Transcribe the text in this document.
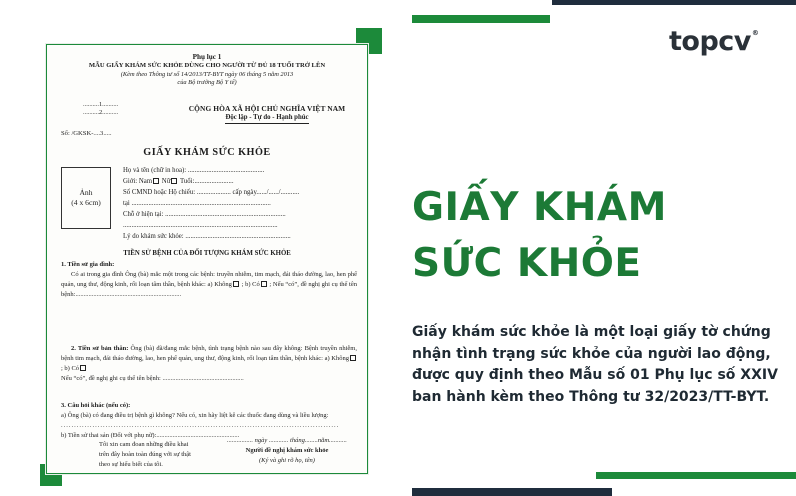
Phụ lục 1
MẪU GIẤY KHÁM SỨC KHỎE DÙNG CHO NGƯỜI TỪ ĐỦ 18 TUỔI TRỞ LÊN
(Kèm theo Thông tư số 14/2013/TT-BYT ngày 06 tháng 5 năm 2013
của Bộ trưởng Bộ Y tế)
..........1..........
..........2..........	CỘNG HÒA XÃ HỘI CHỦ NGHĨA VIỆT NAM
Độc lập - Tự do - Hạnh phúc
Số: /GKSK-....3.....
GIẤY KHÁM SỨC KHỎE
Ảnh
(4 x 6cm)
Họ và tên (chữ in hoa): .............................................
Giới: Nam Nữ Tuổi:.......................
Số CMND hoặc Hộ chiếu: .................... cấp ngày....../....../...........
tại ..................................................................................
Chỗ ở hiện tại: .......................................................................
...........................................................................................
Lý do khám sức khỏe: ..............................................................
TIỀN SỬ BỆNH CỦA ĐỐI TƯỢNG KHÁM SỨC KHỎE
1. Tiền sử gia đình:
Có ai trong gia đình Ông (bà) mắc một trong các bệnh: truyền nhiễm, tim mạch, đái tháo đường, lao, hen phế quản, ung thư, động kinh, rối loạn tâm thần, bệnh khác: a) Không ; b) Có ; Nếu “có”, đề nghị ghi cụ thể tên bệnh:.................................................................
2. Tiền sử bản thân: Ông (bà) đã/đang mắc bệnh, tình trạng bệnh nào sau đây không: Bệnh truyền nhiễm, bệnh tim mạch, đái tháo đường, lao, hen phế quản, ung thư, động kinh, rối loạn tâm thần, bệnh khác: a) Không ; b) Có
Nếu “có”, đề nghị ghi cụ thể tên bệnh: ..................................................
3. Câu hỏi khác (nếu có):
a) Ông (bà) có đang điều trị bệnh gì không? Nếu có, xin hãy liệt kê các thuốc đang dùng và liều lượng:
..........................................................................................................
b) Tiền sử thai sản (Đối với phụ nữ):...................................................
Tôi xin cam đoan những điều khai trên đây hoàn toàn đúng với sự thật theo sự hiểu biết của tôi.
................ ngày ............ tháng........năm...........
Người đề nghị khám sức khỏe
(Ký và ghi rõ họ, tên)
top cv ®
GIẤY KHÁM
SỨC KHỎE
Giấy khám sức khỏe là một loại giấy tờ chứng nhận tình trạng sức khỏe của người lao động, được quy định theo Mẫu số 01 Phụ lục số XXIV ban hành kèm theo Thông tư 32/2023/TT-BYT.
